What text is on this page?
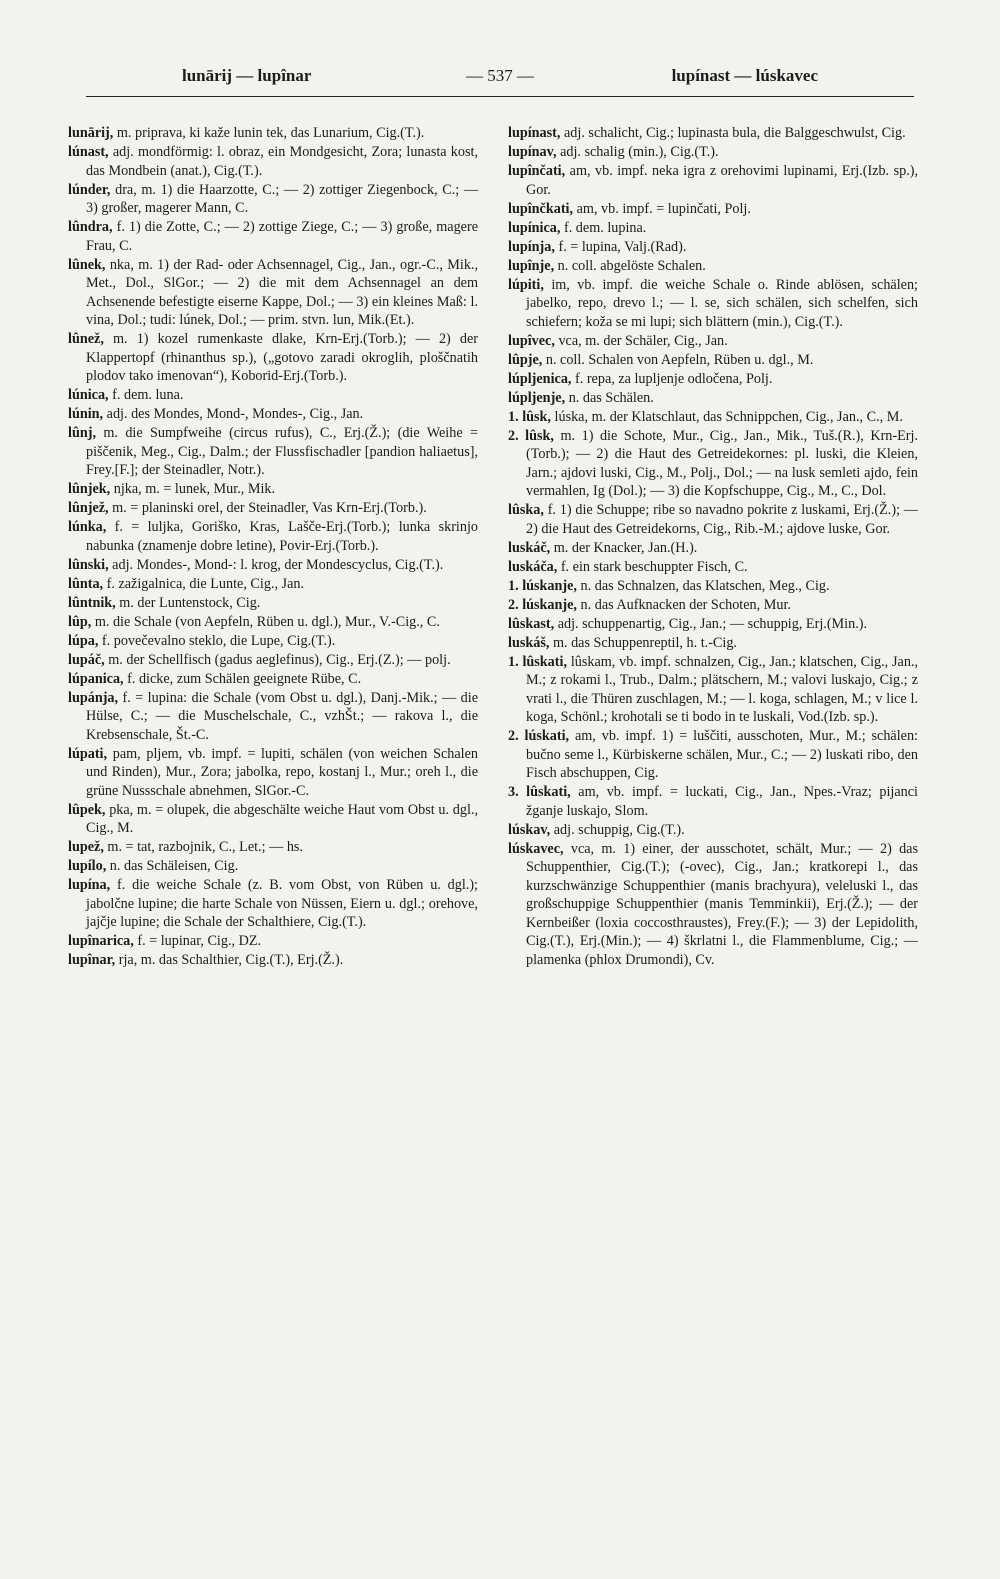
lunārij — lupînar	— 537 —	lupínast — lúskavec

lunārij, m. priprava, ki kaže lunin tek, das Lunarium, Cig.(T.).

lúnast, adj. mondförmig: l. obraz, ein Mondgesicht, Zora; lunasta kost, das Mondbein (anat.), Cig.(T.).

lúnder, dra, m. 1) die Haarzotte, C.; — 2) zottiger Ziegenbock, C.; — 3) großer, magerer Mann, C.

lûndra, f. 1) die Zotte, C.; — 2) zottige Ziege, C.; — 3) große, magere Frau, C.

lûnek, nka, m. 1) der Rad- oder Achsennagel, Cig., Jan., ogr.-C., Mik., Met., Dol., SlGor.; — 2) die mit dem Achsennagel an dem Achsenende befestigte eiserne Kappe, Dol.; — 3) ein kleines Maß: l. vina, Dol.; tudi: lúnek, Dol.; — prim. stvn. lun, Mik.(Et.).

lûnež, m. 1) kozel rumenkaste dlake, Krn-Erj.(Torb.); — 2) der Klappertopf (rhinanthus sp.), („gotovo zaradi okroglih, ploščnatih plodov tako imenovan“), Koborid-Erj.(Torb.).

lúnica, f. dem. luna.

lúnin, adj. des Mondes, Mond-, Mondes-, Cig., Jan.

lûnj, m. die Sumpfweihe (circus rufus), C., Erj.(Ž.); (die Weihe = piščenik, Meg., Cig., Dalm.; der Flussfischadler [pandion haliaetus], Frey.[F.]; der Steinadler, Notr.).

lûnjek, njka, m. = lunek, Mur., Mik.

lûnjež, m. = planinski orel, der Steinadler, Vas Krn-Erj.(Torb.).

lúnka, f. = luljka, Goriško, Kras, Lašče-Erj.(Torb.); lunka skrinjo nabunka (znamenje dobre letine), Povir-Erj.(Torb.).

lûnski, adj. Mondes-, Mond-: l. krog, der Mondescyclus, Cig.(T.).

lûnta, f. zažigalnica, die Lunte, Cig., Jan.

lûntnik, m. der Luntenstock, Cig.

lûp, m. die Schale (von Aepfeln, Rüben u. dgl.), Mur., V.-Cig., C.

lúpa, f. povečevalno steklo, die Lupe, Cig.(T.).

lupáč, m. der Schellfisch (gadus aeglefinus), Cig., Erj.(Z.); — polj.

lúpanica, f. dicke, zum Schälen geeignete Rübe, C.

lupánja, f. = lupina: die Schale (vom Obst u. dgl.), Danj.-Mik.; — die Hülse, C.; — die Muschelschale, C., vzhŠt.; — rakova l., die Krebsenschale, Št.-C.

lúpati, pam, pljem, vb. impf. = lupiti, schälen (von weichen Schalen und Rinden), Mur., Zora; jabolka, repo, kostanj l., Mur.; oreh l., die grüne Nussschale abnehmen, SlGor.-C.

lûpek, pka, m. = olupek, die abgeschälte weiche Haut vom Obst u. dgl., Cig., M.

lupež, m. = tat, razbojnik, C., Let.; — hs.

lupílo, n. das Schäleisen, Cig.

lupína, f. die weiche Schale (z. B. vom Obst, von Rüben u. dgl.); jabolčne lupine; die harte Schale von Nüssen, Eiern u. dgl.; orehove, jajčje lupine; die Schale der Schalthiere, Cig.(T.).

lupînarica, f. = lupinar, Cig., DZ.

lupînar, rja, m. das Schalthier, Cig.(T.), Erj.(Ž.).

lupínast, adj. schalicht, Cig.; lupinasta bula, die Balggeschwulst, Cig.

lupínav, adj. schalig (min.), Cig.(T.).

lupînčati, am, vb. impf. neka igra z orehovimi lupinami, Erj.(Izb. sp.), Gor.

lupînčkati, am, vb. impf. = lupinčati, Polj.

lupínica, f. dem. lupina.

lupínja, f. = lupina, Valj.(Rad).

lupînje, n. coll. abgelöste Schalen.

lúpiti, im, vb. impf. die weiche Schale o. Rinde ablösen, schälen; jabelko, repo, drevo l.; — l. se, sich schälen, sich schelfen, sich schiefern; koža se mi lupi; sich blättern (min.), Cig.(T.).

lupîvec, vca, m. der Schäler, Cig., Jan.

lûpje, n. coll. Schalen von Aepfeln, Rüben u. dgl., M.

lúpljenica, f. repa, za lupljenje odločena, Polj.

lúpljenje, n. das Schälen.

1. lûsk, lúska, m. der Klatschlaut, das Schnippchen, Cig., Jan., C., M.

2. lûsk, m. 1) die Schote, Mur., Cig., Jan., Mik., Tuš.(R.), Krn-Erj.(Torb.); — 2) die Haut des Getreidekornes: pl. luski, die Kleien, Jarn.; ajdovi luski, Cig., M., Polj., Dol.; — na lusk semleti ajdo, fein vermahlen, Ig (Dol.); — 3) die Kopfschuppe, Cig., M., C., Dol.

lûska, f. 1) die Schuppe; ribe so navadno pokrite z luskami, Erj.(Ž.); — 2) die Haut des Getreidekorns, Cig., Rib.-M.; ajdove luske, Gor.

luskáč, m. der Knacker, Jan.(H.).

luskáča, f. ein stark beschuppter Fisch, C.

1. lúskanje, n. das Schnalzen, das Klatschen, Meg., Cig.

2. lúskanje, n. das Aufknacken der Schoten, Mur.

lûskast, adj. schuppenartig, Cig., Jan.; — schuppig, Erj.(Min.).

luskáš, m. das Schuppenreptil, h. t.-Cig.

1. lûskati, lûskam, vb. impf. schnalzen, Cig., Jan.; klatschen, Cig., Jan., M.; z rokami l., Trub., Dalm.; plätschern, M.; valovi luskajo, Cig.; z vrati l., die Thüren zuschlagen, M.; — l. koga, schlagen, M.; v lice l. koga, Schönl.; krohotali se ti bodo in te luskali, Vod.(Izb. sp.).

2. lúskati, am, vb. impf. 1) = luščiti, ausschoten, Mur., M.; schälen: bučno seme l., Kürbiskerne schälen, Mur., C.; — 2) luskati ribo, den Fisch abschuppen, Cig.

3. lûskati, am, vb. impf. = luckati, Cig., Jan., Npes.-Vraz; pijanci žganje luskajo, Slom.

lúskav, adj. schuppig, Cig.(T.).

lúskavec, vca, m. 1) einer, der ausschotet, schält, Mur.; — 2) das Schuppenthier, Cig.(T.); (-ovec), Cig., Jan.; kratkorepi l., das kurzschwänzige Schuppenthier (manis brachyura), veleluski l., das großschuppige Schuppenthier (manis Temminkii), Erj.(Ž.); — der Kernbeißer (loxia coccosthraustes), Frey.(F.); — 3) der Lepidolith, Cig.(T.), Erj.(Min.); — 4) škrlatni l., die Flammenblume, Cig.; — plamenka (phlox Drumondi), Cv.
